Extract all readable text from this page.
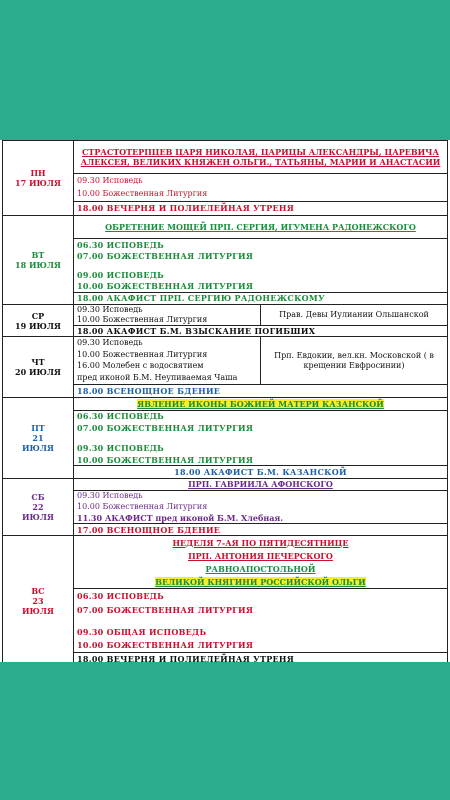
ПН
17 ИЮЛЯ	СТРАСТОТЕРПЦЕВ ЦАРЯ НИКОЛАЯ, ЦАРИЦЫ АЛЕКСАНДРЫ, ЦАРЕВИЧА АЛЕКСЕЯ, ВЕЛИКИХ КНЯЖЕН ОЛЬГИ., ТАТЬЯНЫ, МАРИИ И АНАСТАСИИ	
	09.30 Исповедь	
	10.00 Божественная Литургия	
	18.00 ВЕЧЕРНЯ И ПОЛИЕЛЕЙНАЯ УТРЕНЯ	

ВТ
18 ИЮЛЯ	ОБРЕТЕНИЕ МОЩЕЙ ПРП. СЕРГИЯ, ИГУМЕНА РАДОНЕЖСКОГО	
	06.30 ИСПОВЕДЬ	
	07.00 БОЖЕСТВЕННАЯ ЛИТУРГИЯ	
	09.00 ИСПОВЕДЬ	
	10.00 БОЖЕСТВЕННАЯ ЛИТУРГИЯ	
	18.00 АКАФИСТ ПРП. СЕРГИЮ РАДОНЕЖСКОМУ	

СР
19 ИЮЛЯ	09.30 Исповедь	Прав. Девы Иулиании Ольшанской
	10.00 Божественная Литургия	
	18.00 АКАФИСТ Б.М. ВЗЫСКАНИЕ ПОГИБШИХ	

ЧТ
20 ИЮЛЯ	09.30 Исповедь	Прп. Евдокии, вел.кн. Московской ( в крещении Евфросинии)
	10.00 Божественная Литургия	
	16.00 Молебен с водосвятием	
	пред иконой Б.М. Неупиваемая Чаша	
	18.00 ВСЕНОЩНОЕ БДЕНИЕ	

ПТ
21
ИЮЛЯ	ЯВЛЕНИЕ ИКОНЫ БОЖИЕЙ МАТЕРИ КАЗАНСКОЙ	
	06.30 ИСПОВЕДЬ	
	07.00 БОЖЕСТВЕННАЯ ЛИТУРГИЯ	
	09.30 ИСПОВЕДЬ	
	10.00 БОЖЕСТВЕННАЯ ЛИТУРГИЯ	
	18.00 АКАФИСТ Б.М. КАЗАНСКОЙ	

СБ
22
ИЮЛЯ	ПРП. ГАВРИИЛА АФОНСКОГО	
	09.30 Исповедь	
	10.00 Божественная Литургия	
	11.30 АКАФИСТ пред иконой Б.М. Хлебная.	
	17.00 ВСЕНОЩНОЕ БДЕНИЕ	

ВС
23
ИЮЛЯ	НЕДЕЛЯ 7-АЯ ПО ПЯТИДЕСЯТНИЦЕ	
	ПРП. АНТОНИЯ ПЕЧЕРСКОГО	
	РАВНОАПОСТОЛЬНОЙ	
	ВЕЛИКОЙ КНЯГИНИ РОССИЙСКОЙ ОЛЬГИ	
	06.30 ИСПОВЕДЬ	
	07.00 БОЖЕСТВЕННАЯ ЛИТУРГИЯ	
	09.30 ОБЩАЯ ИСПОВЕДЬ	
	10.00 БОЖЕСТВЕННАЯ ЛИТУРГИЯ	
	18.00 ВЕЧЕРНЯ И ПОЛИЕЛЕЙНАЯ УТРЕНЯ	
